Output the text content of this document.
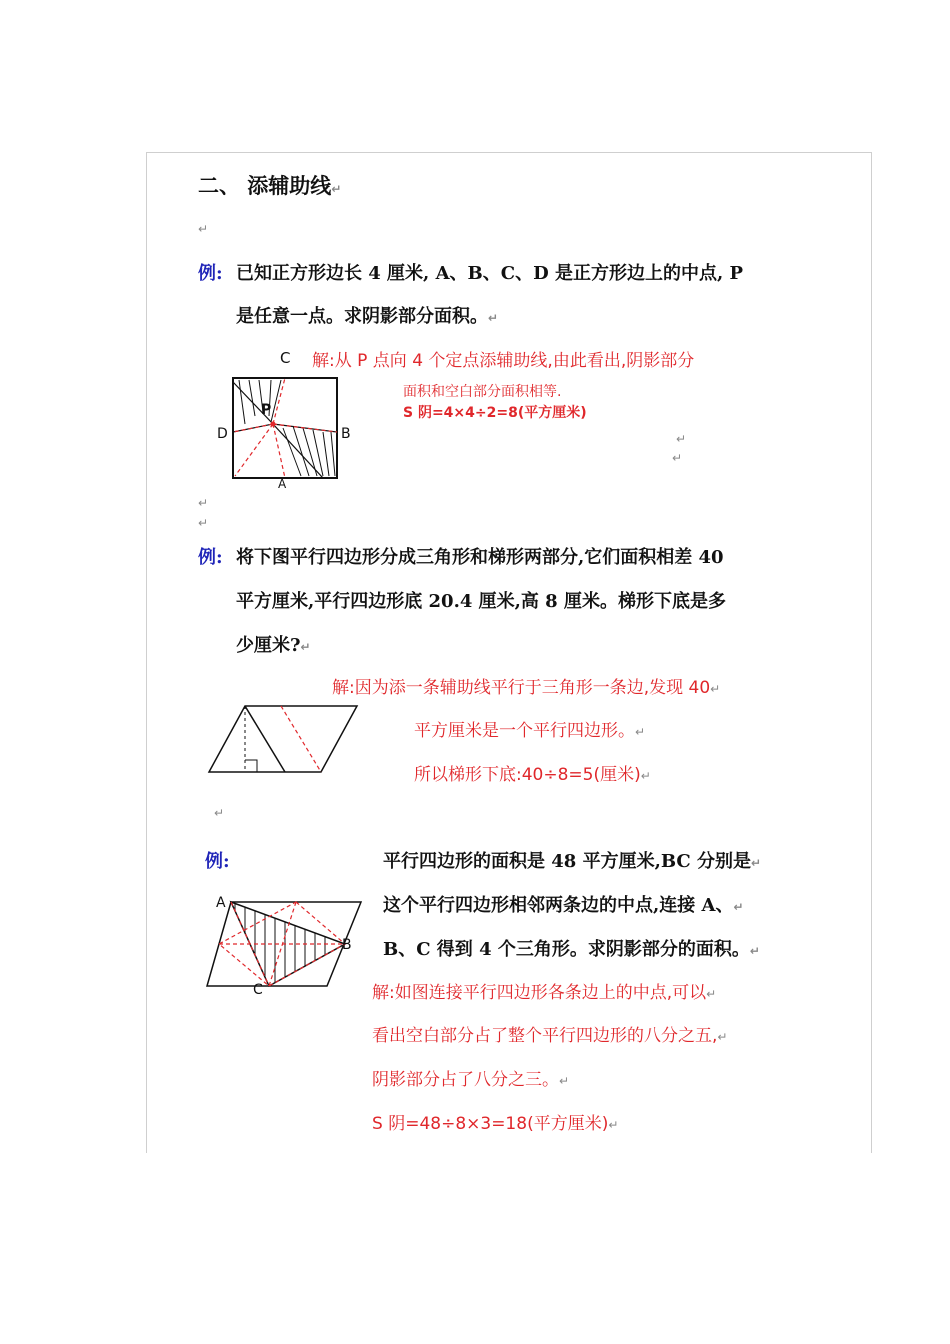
二、 添辅助线↵
↵
例: 已知正方形边长 4 厘米, A、B、C、D 是正方形边上的中点, P
是任意一点。求阴影部分面积。↵
C 解:从 P 点向 4 个定点添辅助线,由此看出,阴影部分
面积和空白部分面积相等.
S 阴=4×4÷2=8(平方厘米)
↵
↵
P
D	B
A
↵
↵
例: 将下图平行四边形分成三角形和梯形两部分,它们面积相差 40
平方厘米,平行四边形底 20.4 厘米,高 8 厘米。梯形下底是多
少厘米?↵
解:因为添一条辅助线平行于三角形一条边,发现 40↵
平方厘米是一个平行四边形。↵
所以梯形下底:40÷8=5(厘米)↵
↵
例:	平行四边形的面积是 48 平方厘米,BC 分别是↵
这个平行四边形相邻两条边的中点,连接 A、↵
B、C 得到 4 个三角形。求阴影部分的面积。↵
解:如图连接平行四边形各条边上的中点,可以↵
看出空白部分占了整个平行四边形的八分之五,↵
阴影部分占了八分之三。↵
S 阴=48÷8×3=18(平方厘米)↵
A
B
C
